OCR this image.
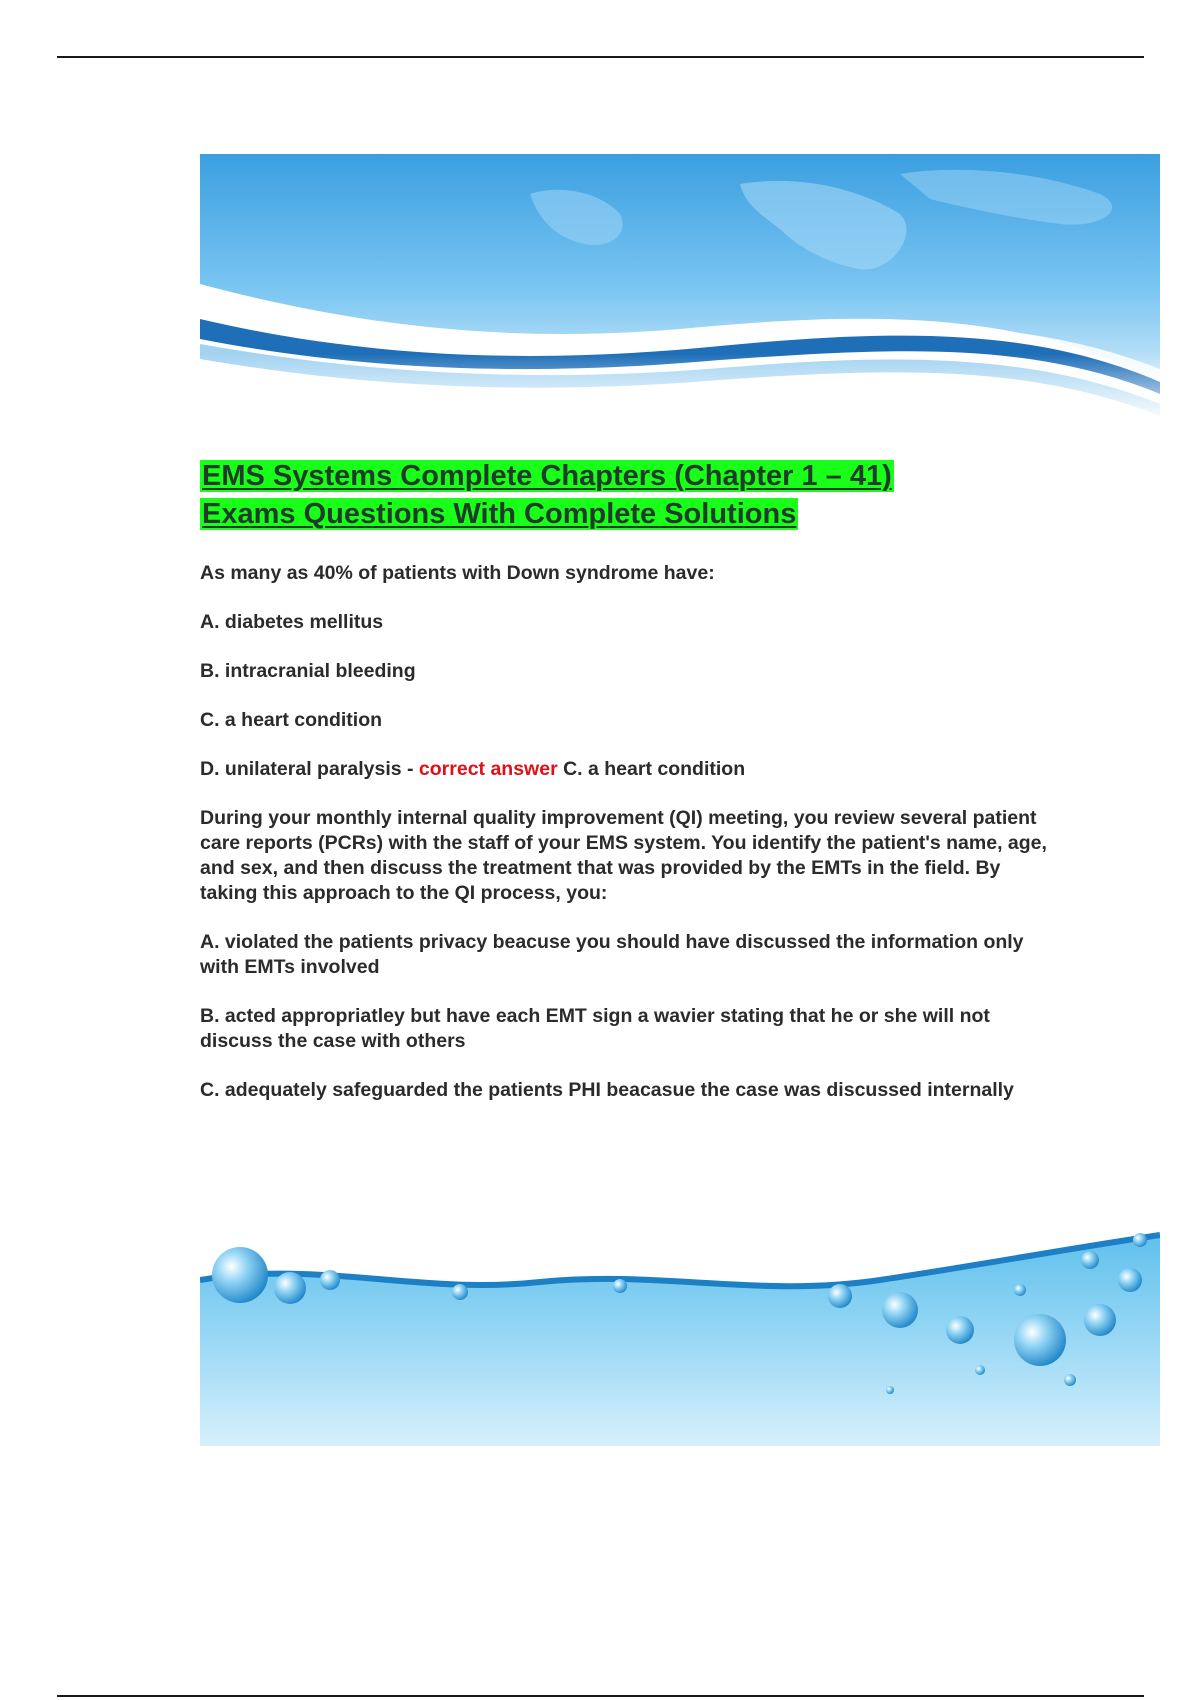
EMS Systems Complete Chapters (Chapter 1 – 41)
Exams Questions With Complete Solutions

As many as 40% of patients with Down syndrome have:

A. diabetes mellitus

B. intracranial bleeding

C. a heart condition

D. unilateral paralysis - correct answer C. a heart condition

During your monthly internal quality improvement (QI) meeting, you review several patient care reports (PCRs) with the staff of your EMS system. You identify the patient's name, age, and sex, and then discuss the treatment that was provided by the EMTs in the field. By taking this approach to the QI process, you:

A. violated the patients privacy beacuse you should have discussed the information only with EMTs involved

B. acted appropriatley but have each EMT sign a wavier stating that he or she will not discuss the case with others

C. adequately safeguarded the patients PHI beacasue the case was discussed internally
